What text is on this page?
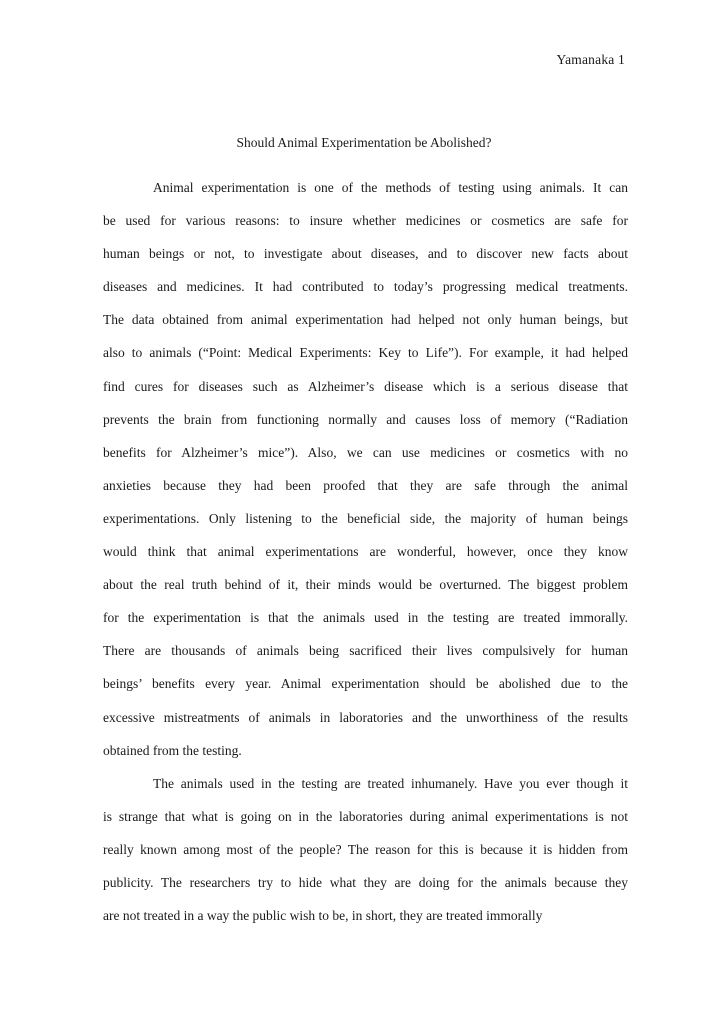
Yamanaka 1
Should Animal Experimentation be Abolished?
Animal experimentation is one of the methods of testing using animals. It can
be used for various reasons: to insure whether medicines or cosmetics are safe for
human beings or not, to investigate about diseases, and to discover new facts about
diseases and medicines. It had contributed to today’s progressing medical treatments.
The data obtained from animal experimentation had helped not only human beings, but
also to animals (“Point: Medical Experiments: Key to Life”). For example, it had helped
find cures for diseases such as Alzheimer’s disease which is a serious disease that
prevents the brain from functioning normally and causes loss of memory (“Radiation
benefits for Alzheimer’s mice”). Also, we can use medicines or cosmetics with no
anxieties because they had been proofed that they are safe through the animal
experimentations. Only listening to the beneficial side, the majority of human beings
would think that animal experimentations are wonderful, however, once they know
about the real truth behind of it, their minds would be overturned. The biggest problem
for the experimentation is that the animals used in the testing are treated immorally.
There are thousands of animals being sacrificed their lives compulsively for human
beings’ benefits every year. Animal experimentation should be abolished due to the
excessive mistreatments of animals in laboratories and the unworthiness of the results
obtained from the testing.
The animals used in the testing are treated inhumanely. Have you ever though it
is strange that what is going on in the laboratories during animal experimentations is not
really known among most of the people? The reason for this is because it is hidden from
publicity. The researchers try to hide what they are doing for the animals because they
are not treated in a way the public wish to be, in short, they are treated immorally
